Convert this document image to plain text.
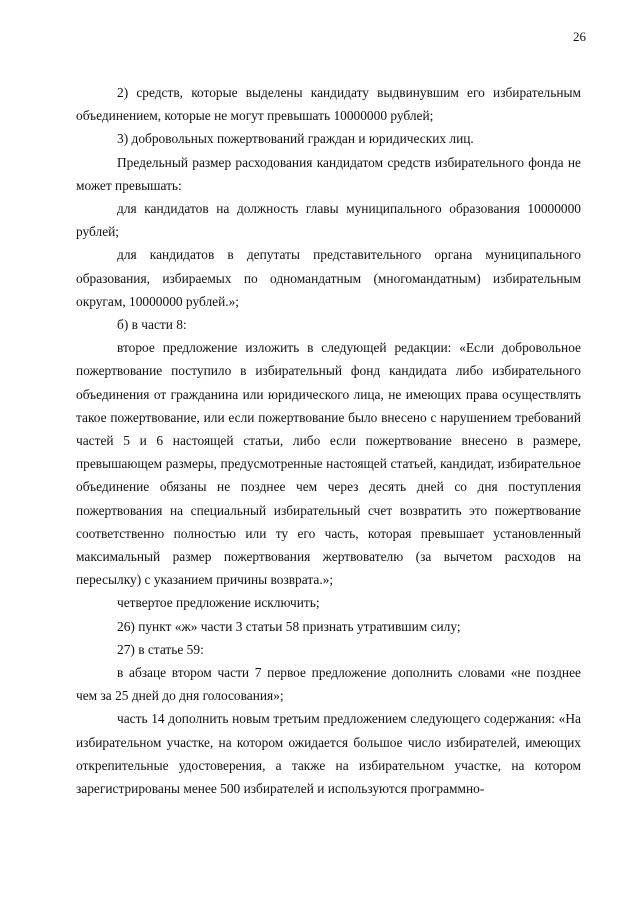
26

2) средств, которые выделены кандидату выдвинувшим его избирательным объединением, которые не могут превышать 10000000 рублей;

3) добровольных пожертвований граждан и юридических лиц.

Предельный размер расходования кандидатом средств избирательного фонда не может превышать:

для кандидатов на должность главы муниципального образования 10000000 рублей;

для кандидатов в депутаты представительного органа муниципального образования, избираемых по одномандатным (многомандатным) избирательным округам, 10000000 рублей.»;

б) в части 8:

второе предложение изложить в следующей редакции: «Если добровольное пожертвование поступило в избирательный фонд кандидата либо избирательного объединения от гражданина или юридического лица, не имеющих права осуществлять такое пожертвование, или если пожертвование было внесено с нарушением требований частей 5 и 6 настоящей статьи, либо если пожертвование внесено в размере, превышающем размеры, предусмотренные настоящей статьей, кандидат, избирательное объединение обязаны не позднее чем через десять дней со дня поступления пожертвования на специальный избирательный счет возвратить это пожертвование соответственно полностью или ту его часть, которая превышает установленный максимальный размер пожертвования жертвователю (за вычетом расходов на пересылку) с указанием причины возврата.»;

четвертое предложение исключить;

26) пункт «ж» части 3 статьи 58 признать утратившим силу;

27) в статье 59:

в абзаце втором части 7 первое предложение дополнить словами «не позднее чем за 25 дней до дня голосования»;

часть 14 дополнить новым третьим предложением следующего содержания: «На избирательном участке, на котором ожидается большое число избирателей, имеющих открепительные удостоверения, а также на избирательном участке, на котором зарегистрированы менее 500 избирателей и используются программно-
